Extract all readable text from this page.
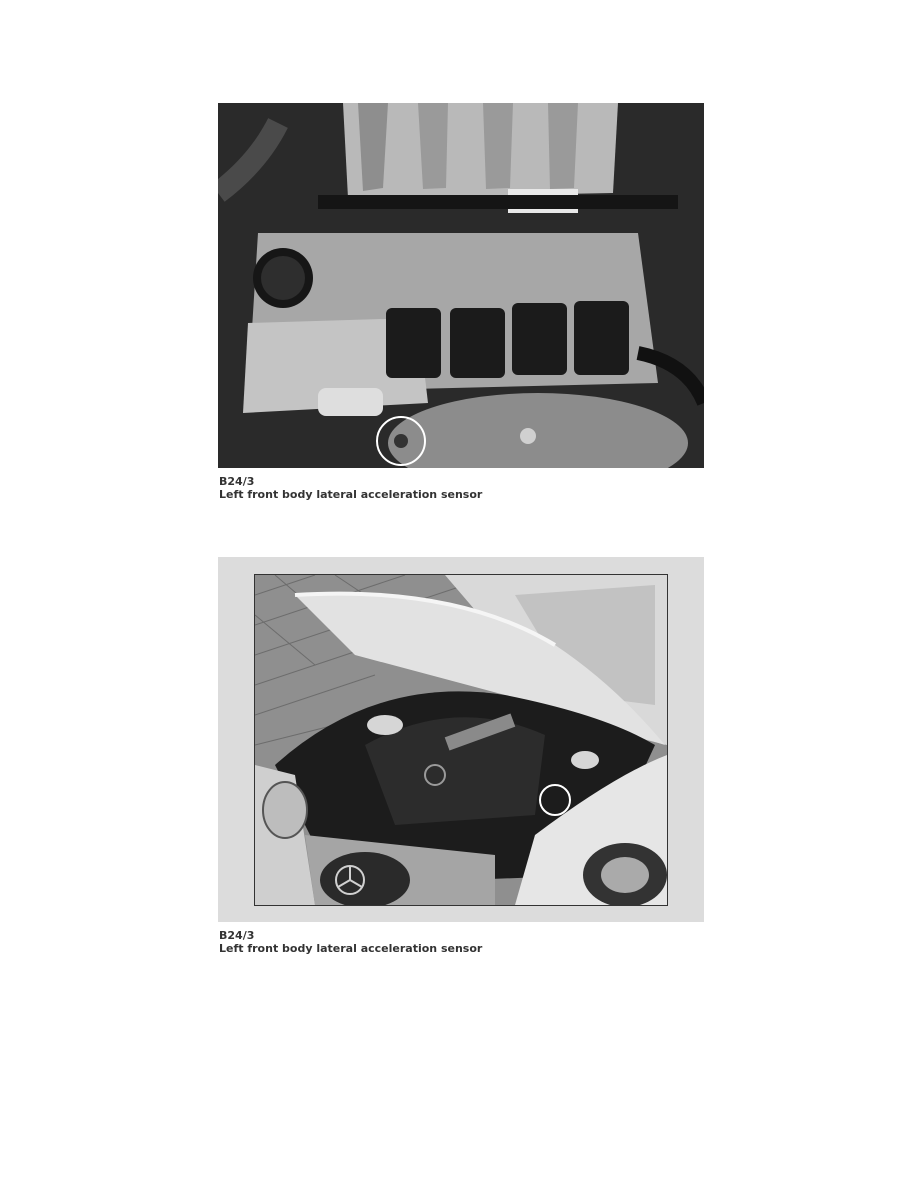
B24/3
Left front body lateral acceleration sensor
B24/3
Left front body lateral acceleration sensor
